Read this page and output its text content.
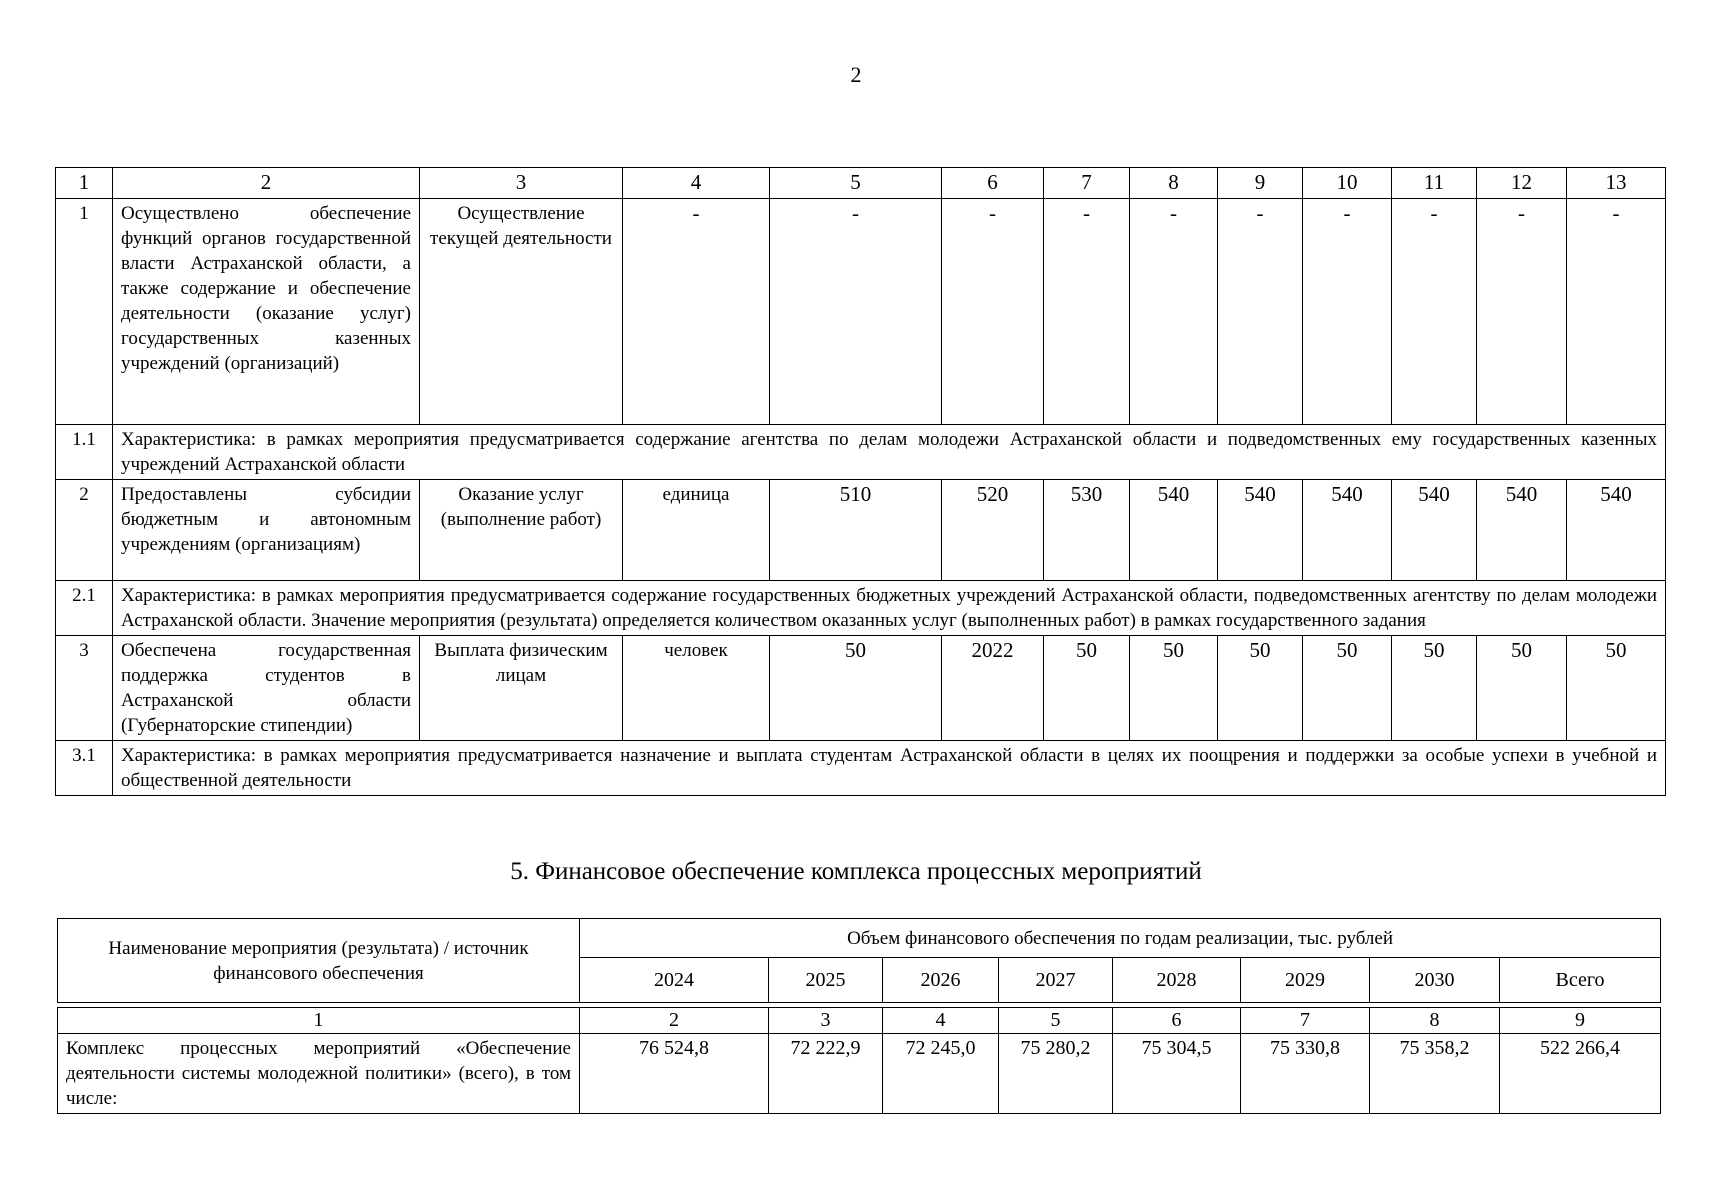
2
1	2	3	4	5	6	7	8	9	10	11	12	13
1	Осуществлено обеспечение функций органов государственной власти Астраханской области, а также содержание и обеспечение деятельности (оказание услуг) государственных казенных учреждений (организаций)	Осуществление текущей деятельности	-	-	-	-	-	-	-	-	-	-
1.1	Характеристика: в рамках мероприятия предусматривается содержание агентства по делам молодежи Астраханской области и подведомственных ему государственных казенных учреждений Астраханской области											
2	Предоставлены субсидии бюджетным и автономным учреждениям (организациям)	Оказание услуг (выполнение работ)	единица	510	520	530	540	540	540	540	540	540
2.1	Характеристика: в рамках мероприятия предусматривается содержание государственных бюджетных учреждений Астраханской области, подведомственных агентству по делам молодежи Астраханской области. Значение мероприятия (результата) определяется количеством оказанных услуг (выполненных работ) в рамках государственного задания											
3	Обеспечена государственная поддержка студентов в Астраханской области (Губернаторские стипендии)	Выплата физическим лицам	человек	50	2022	50	50	50	50	50	50	50
3.1	Характеристика: в рамках мероприятия предусматривается назначение и выплата студентам Астраханской области в целях их поощрения и поддержки за особые успехи в учебной и общественной деятельности											
5. Финансовое обеспечение комплекса процессных мероприятий
Наименование мероприятия (результата) / источник финансового обеспечения	Объем финансового обеспечения по годам реализации, тыс. рублей							
	2024	2025	2026	2027	2028	2029	2030	Всего

1	2	3	4	5	6	7	8	9
Комплекс процессных мероприятий «Обеспечение деятельности системы молодежной политики» (всего), в том числе:	76 524,8	72 222,9	72 245,0	75 280,2	75 304,5	75 330,8	75 358,2	522 266,4
